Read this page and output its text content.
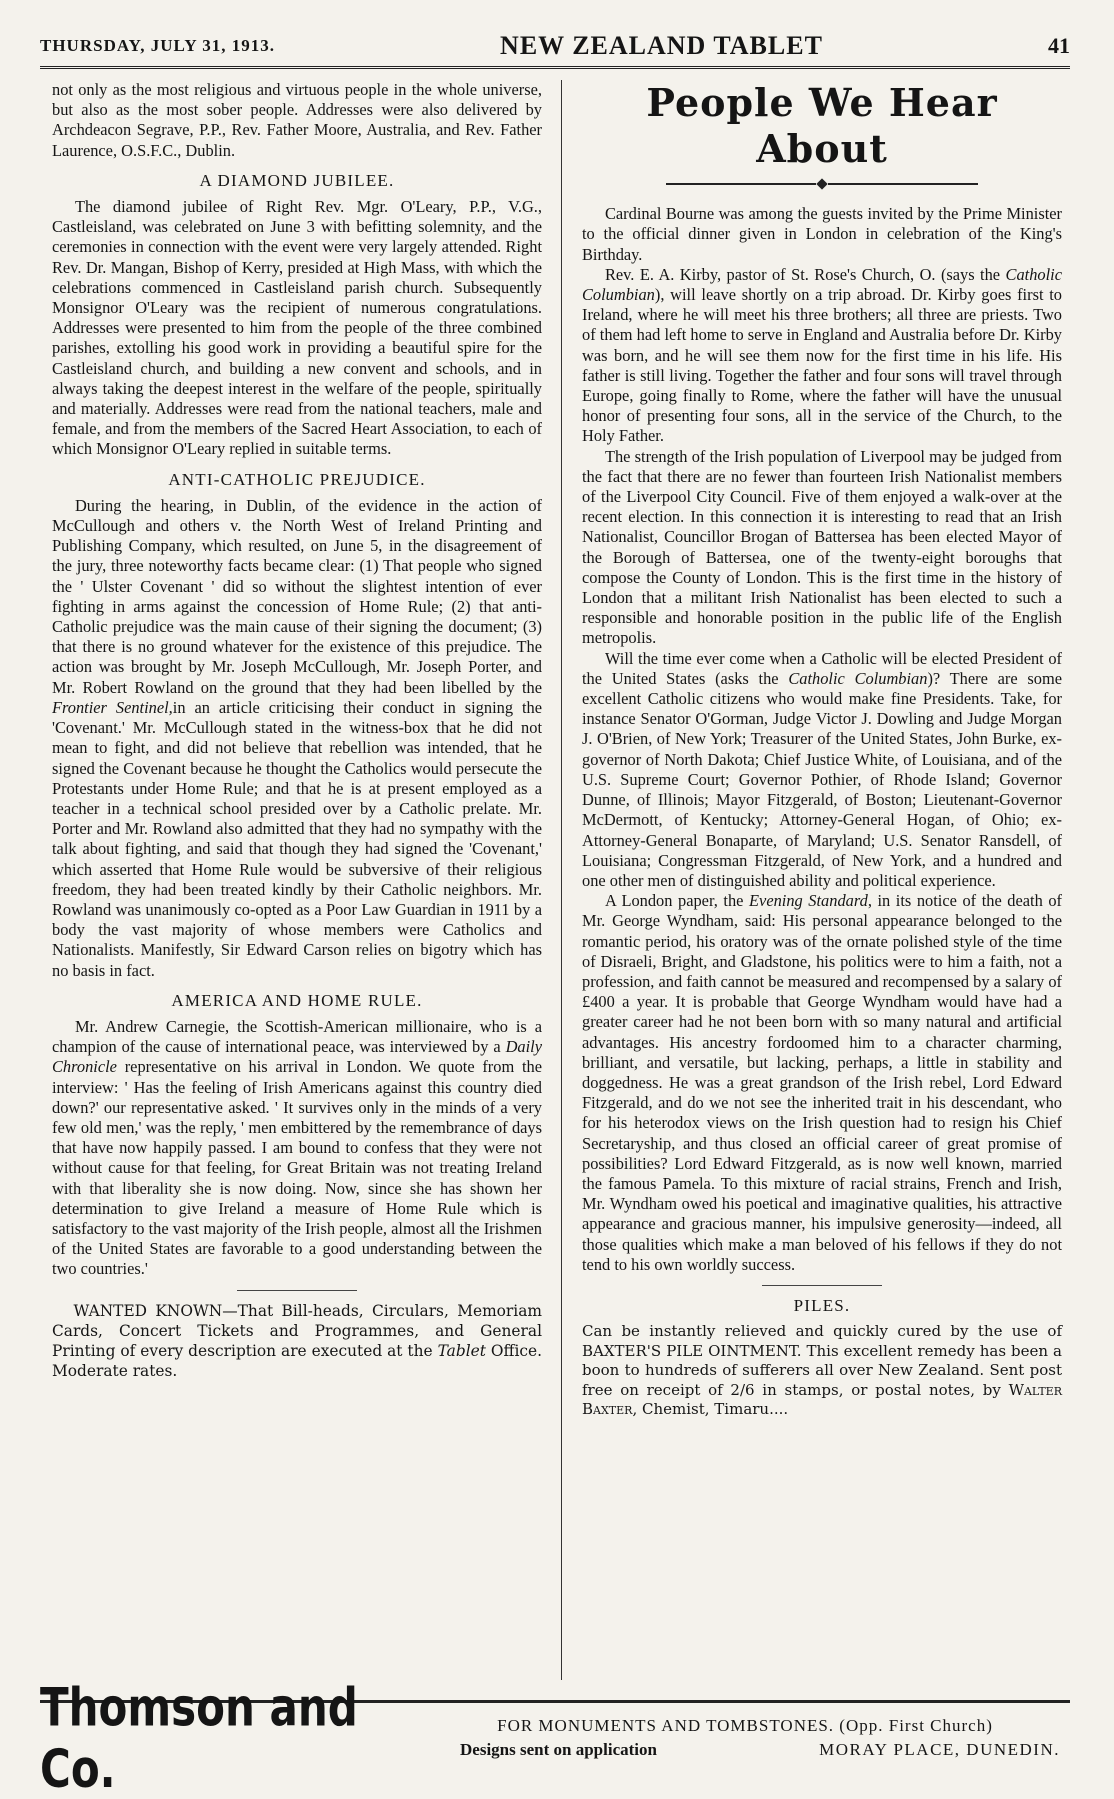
THURSDAY, JULY 31, 1913.	NEW ZEALAND TABLET	41

not only as the most religious and virtuous people in the whole universe, but also as the most sober people. Addresses were also delivered by Archdeacon Segrave, P.P., Rev. Father Moore, Australia, and Rev. Father Laurence, O.S.F.C., Dublin.

A DIAMOND JUBILEE.

The diamond jubilee of Right Rev. Mgr. O'Leary, P.P., V.G., Castleisland, was celebrated on June 3 with befitting solemnity, and the ceremonies in connection with the event were very largely attended. Right Rev. Dr. Mangan, Bishop of Kerry, presided at High Mass, with which the celebrations commenced in Castleisland parish church. Subsequently Monsignor O'Leary was the recipient of numerous congratulations. Addresses were presented to him from the people of the three combined parishes, extolling his good work in providing a beautiful spire for the Castleisland church, and building a new convent and schools, and in always taking the deepest interest in the welfare of the people, spiritually and materially. Addresses were read from the national teachers, male and female, and from the members of the Sacred Heart Association, to each of which Monsignor O'Leary replied in suitable terms.

ANTI-CATHOLIC PREJUDICE.

During the hearing, in Dublin, of the evidence in the action of McCullough and others v. the North West of Ireland Printing and Publishing Company, which resulted, on June 5, in the disagreement of the jury, three noteworthy facts became clear: (1) That people who signed the ' Ulster Covenant ' did so without the slightest intention of ever fighting in arms against the concession of Home Rule; (2) that anti-Catholic prejudice was the main cause of their signing the document; (3) that there is no ground whatever for the existence of this prejudice. The action was brought by Mr. Joseph McCullough, Mr. Joseph Porter, and Mr. Robert Rowland on the ground that they had been libelled by the Frontier Sentinel,in an article criticising their conduct in signing the 'Covenant.' Mr. McCullough stated in the witness-box that he did not mean to fight, and did not believe that rebellion was intended, that he signed the Covenant because he thought the Catholics would persecute the Protestants under Home Rule; and that he is at present employed as a teacher in a technical school presided over by a Catholic prelate. Mr. Porter and Mr. Rowland also admitted that they had no sympathy with the talk about fighting, and said that though they had signed the 'Covenant,' which asserted that Home Rule would be subversive of their religious freedom, they had been treated kindly by their Catholic neighbors. Mr. Rowland was unanimously co-opted as a Poor Law Guardian in 1911 by a body the vast majority of whose members were Catholics and Nationalists. Manifestly, Sir Edward Carson relies on bigotry which has no basis in fact.

AMERICA AND HOME RULE.

Mr. Andrew Carnegie, the Scottish-American millionaire, who is a champion of the cause of international peace, was interviewed by a Daily Chronicle representative on his arrival in London. We quote from the interview: ' Has the feeling of Irish Americans against this country died down?' our representative asked. ' It survives only in the minds of a very few old men,' was the reply, ' men embittered by the remembrance of days that have now happily passed. I am bound to confess that they were not without cause for that feeling, for Great Britain was not treating Ireland with that liberality she is now doing. Now, since she has shown her determination to give Ireland a measure of Home Rule which is satisfactory to the vast majority of the Irish people, almost all the Irishmen of the United States are favorable to a good understanding between the two countries.'

WANTED KNOWN—That Bill-heads, Circulars, Memoriam Cards, Concert Tickets and Programmes, and General Printing of every description are executed at the Tablet Office. Moderate rates.

People We Hear About

Cardinal Bourne was among the guests invited by the Prime Minister to the official dinner given in London in celebration of the King's Birthday.

Rev. E. A. Kirby, pastor of St. Rose's Church, O. (says the Catholic Columbian), will leave shortly on a trip abroad. Dr. Kirby goes first to Ireland, where he will meet his three brothers; all three are priests. Two of them had left home to serve in England and Australia before Dr. Kirby was born, and he will see them now for the first time in his life. His father is still living. Together the father and four sons will travel through Europe, going finally to Rome, where the father will have the unusual honor of presenting four sons, all in the service of the Church, to the Holy Father.

The strength of the Irish population of Liverpool may be judged from the fact that there are no fewer than fourteen Irish Nationalist members of the Liverpool City Council. Five of them enjoyed a walk-over at the recent election. In this connection it is interesting to read that an Irish Nationalist, Councillor Brogan of Battersea has been elected Mayor of the Borough of Battersea, one of the twenty-eight boroughs that compose the County of London. This is the first time in the history of London that a militant Irish Nationalist has been elected to such a responsible and honorable position in the public life of the English metropolis.

Will the time ever come when a Catholic will be elected President of the United States (asks the Catholic Columbian)? There are some excellent Catholic citizens who would make fine Presidents. Take, for instance Senator O'Gorman, Judge Victor J. Dowling and Judge Morgan J. O'Brien, of New York; Treasurer of the United States, John Burke, ex-governor of North Dakota; Chief Justice White, of Louisiana, and of the U.S. Supreme Court; Governor Pothier, of Rhode Island; Governor Dunne, of Illinois; Mayor Fitzgerald, of Boston; Lieutenant-Governor McDermott, of Kentucky; Attorney-General Hogan, of Ohio; ex-Attorney-General Bonaparte, of Maryland; U.S. Senator Ransdell, of Louisiana; Congressman Fitzgerald, of New York, and a hundred and one other men of distinguished ability and political experience.

A London paper, the Evening Standard, in its notice of the death of Mr. George Wyndham, said: His personal appearance belonged to the romantic period, his oratory was of the ornate polished style of the time of Disraeli, Bright, and Gladstone, his politics were to him a faith, not a profession, and faith cannot be measured and recompensed by a salary of £400 a year. It is probable that George Wyndham would have had a greater career had he not been born with so many natural and artificial advantages. His ancestry fordoomed him to a character charming, brilliant, and versatile, but lacking, perhaps, a little in stability and doggedness. He was a great grandson of the Irish rebel, Lord Edward Fitzgerald, and do we not see the inherited trait in his descendant, who for his heterodox views on the Irish question had to resign his Chief Secretaryship, and thus closed an official career of great promise of possibilities? Lord Edward Fitzgerald, as is now well known, married the famous Pamela. To this mixture of racial strains, French and Irish, Mr. Wyndham owed his poetical and imaginative qualities, his attractive appearance and gracious manner, his impulsive generosity—indeed, all those qualities which make a man beloved of his fellows if they do not tend to his own worldly success.

PILES.

Can be instantly relieved and quickly cured by the use of BAXTER'S PILE OINTMENT. This excellent remedy has been a boon to hundreds of sufferers all over New Zealand. Sent post free on receipt of 2/6 in stamps, or postal notes, by Walter Baxter, Chemist, Timaru....

Thomson and Co.
FOR MONUMENTS AND TOMBSTONES. (Opp. First Church)
Designs sent on application	MORAY PLACE, DUNEDIN.
